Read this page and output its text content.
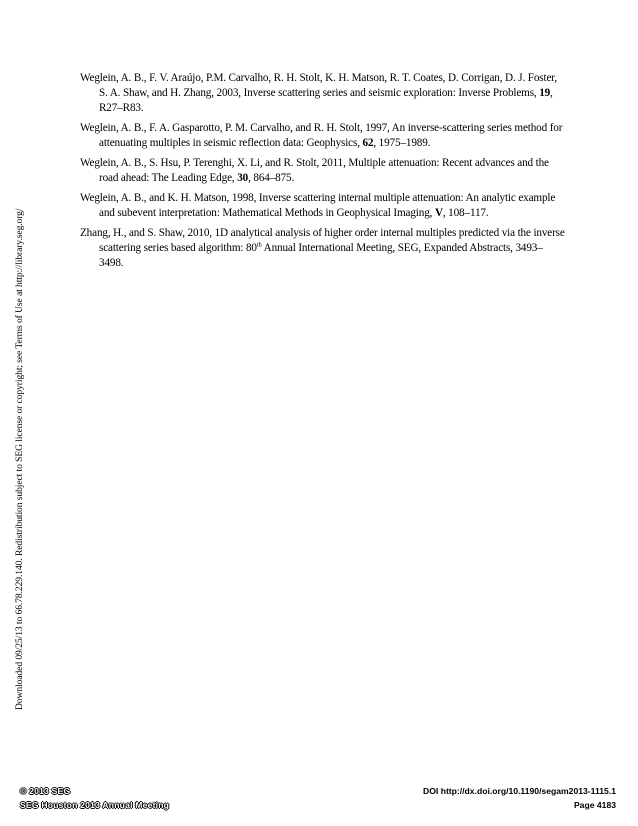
Downloaded 09/25/13 to 66.78.229.140. Redistribution subject to SEG license or copyright; see Terms of Use at http://library.seg.org/

Weglein, A. B., F. V. Araújo, P.M. Carvalho, R. H. Stolt, K. H. Matson, R. T. Coates, D. Corrigan, D. J. Foster, S. A. Shaw, and H. Zhang, 2003, Inverse scattering series and seismic exploration: Inverse Problems, 19, R27–R83.

Weglein, A. B., F. A. Gasparotto, P. M. Carvalho, and R. H. Stolt, 1997, An inverse-scattering series method for attenuating multiples in seismic reflection data: Geophysics, 62, 1975–1989.

Weglein, A. B., S. Hsu, P. Terenghi, X. Li, and R. Stolt, 2011, Multiple attenuation: Recent advances and the road ahead: The Leading Edge, 30, 864–875.

Weglein, A. B., and K. H. Matson, 1998, Inverse scattering internal multiple attenuation: An analytic example and subevent interpretation: Mathematical Methods in Geophysical Imaging, V, 108–117.

Zhang, H., and S. Shaw, 2010, 1D analytical analysis of higher order internal multiples predicted via the inverse scattering series based algorithm: 80th Annual International Meeting, SEG, Expanded Abstracts, 3493–3498.

© 2013 SEG
SEG Houston 2013 Annual Meeting
DOI http://dx.doi.org/10.1190/segam2013-1115.1
Page 4183
